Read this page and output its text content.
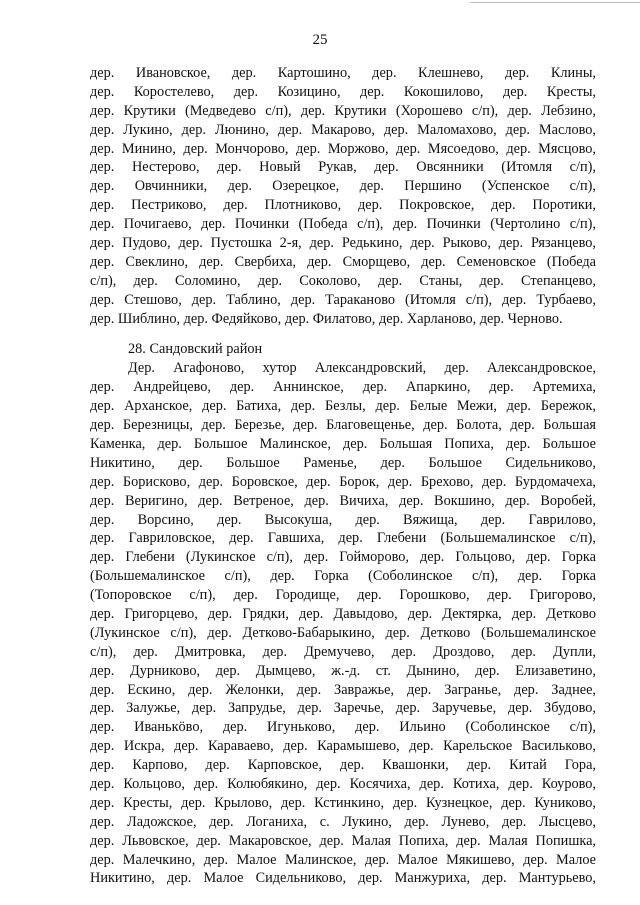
25
дер. Ивановское, дер. Картошино, дер. Клешнево, дер. Клины,
дер. Коростелево, дер. Козицино, дер. Кокошилово, дер. Кресты,
дер. Крутики (Медведево с/п), дер. Крутики (Хорошево с/п), дер. Лебзино,
дер. Лукино, дер. Люнино, дер. Макарово, дер. Маломахово, дер. Маслово,
дер. Минино, дер. Мончорово, дер. Моржово, дер. Мясоедово, дер. Мясцово,
дер. Нестерово, дер. Новый Рукав, дер. Овсянники (Итомля с/п),
дер. Овчинники, дер. Озерецкое, дер. Першино (Успенское с/п),
дер. Пестриково, дер. Плотниково, дер. Покровское, дер. Поротики,
дер. Почигаево, дер. Починки (Победа с/п), дер. Починки (Чертолино с/п),
дер. Пудово, дер. Пустошка 2-я, дер. Редькино, дер. Рыково, дер. Рязанцево,
дер. Свеклино, дер. Свербиха, дер. Сморщево, дер. Семеновское (Победа
с/п), дер. Соломино, дер. Соколово, дер. Станы, дер. Степанцево,
дер. Стешово, дер. Таблино, дер. Тараканово (Итомля с/п), дер. Турбаево,
дер. Шиблино, дер. Федяйково, дер. Филатово, дер. Харланово, дер. Черново.
28. Сандовский район
Дер. Агафоново, хутор Александровский, дер. Александровское,
дер. Андрейцево, дер. Аннинское, дер. Апаркино, дер. Артемиха,
дер. Арханское, дер. Батиха, дер. Безлы, дер. Белые Межи, дер. Бережок,
дер. Березницы, дер. Березье, дер. Благовещенье, дер. Болота, дер. Большая
Каменка, дер. Большое Малинское, дер. Большая Попиха, дер. Большое
Никитино, дер. Большое Раменье, дер. Большое Сидельниково,
дер. Борисково, дер. Боровское, дер. Борок, дер. Брехово, дер. Бурдомачеха,
дер. Веригино, дер. Ветреное, дер. Вичиха, дер. Вокшино, дер. Воробей,
дер. Ворсино, дер. Высокуша, дер. Вяжища, дер. Гаврилово,
дер. Гавриловское, дер. Гавшиха, дер. Глебени (Большемалинское с/п),
дер. Глебени (Лукинское с/п), дер. Гойморово, дер. Гольцово, дер. Горка
(Большемалинское с/п), дер. Горка (Соболинское с/п), дер. Горка
(Топоровское с/п), дер. Городище, дер. Горошково, дер. Григорово,
дер. Григорцево, дер. Грядки, дер. Давыдово, дер. Дектярка, дер. Детково
(Лукинское с/п), дер. Детково-Бабарыкино, дер. Детково (Большемалинское
с/п), дер. Дмитровка, дер. Дремучево, дер. Дроздово, дер. Дупли,
дер. Дурниково, дер. Дымцево, ж.-д. ст. Дынино, дер. Елизаветино,
дер. Ескино, дер. Желонки, дер. Завражье, дер. Загранье, дер. Заднее,
дер. Залужье, дер. Запрудье, дер. Заречье, дер. Заручевье, дер. Збудово,
дер. Иванькöво, дер. Игуньково, дер. Ильино (Соболинское с/п),
дер. Искра, дер. Караваево, дер. Карамышево, дер. Карельское Васильково,
дер. Карпово, дер. Карповское, дер. Квашонки, дер. Китай Гора,
дер. Кольцово, дер. Колюбякино, дер. Косячиха, дер. Котиха, дер. Коурово,
дер. Кресты, дер. Крылово, дер. Кстинкино, дер. Кузнецкое, дер. Куниково,
дер. Ладожское, дер. Логаниха, с. Лукино, дер. Лунево, дер. Лысцево,
дер. Львовское, дер. Макаровское, дер. Малая Попиха, дер. Малая Попишка,
дер. Малечкино, дер. Малое Малинское, дер. Малое Мякишево, дер. Малое
Никитино, дер. Малое Сидельниково, дер. Манжуриха, дер. Мантурьево,
